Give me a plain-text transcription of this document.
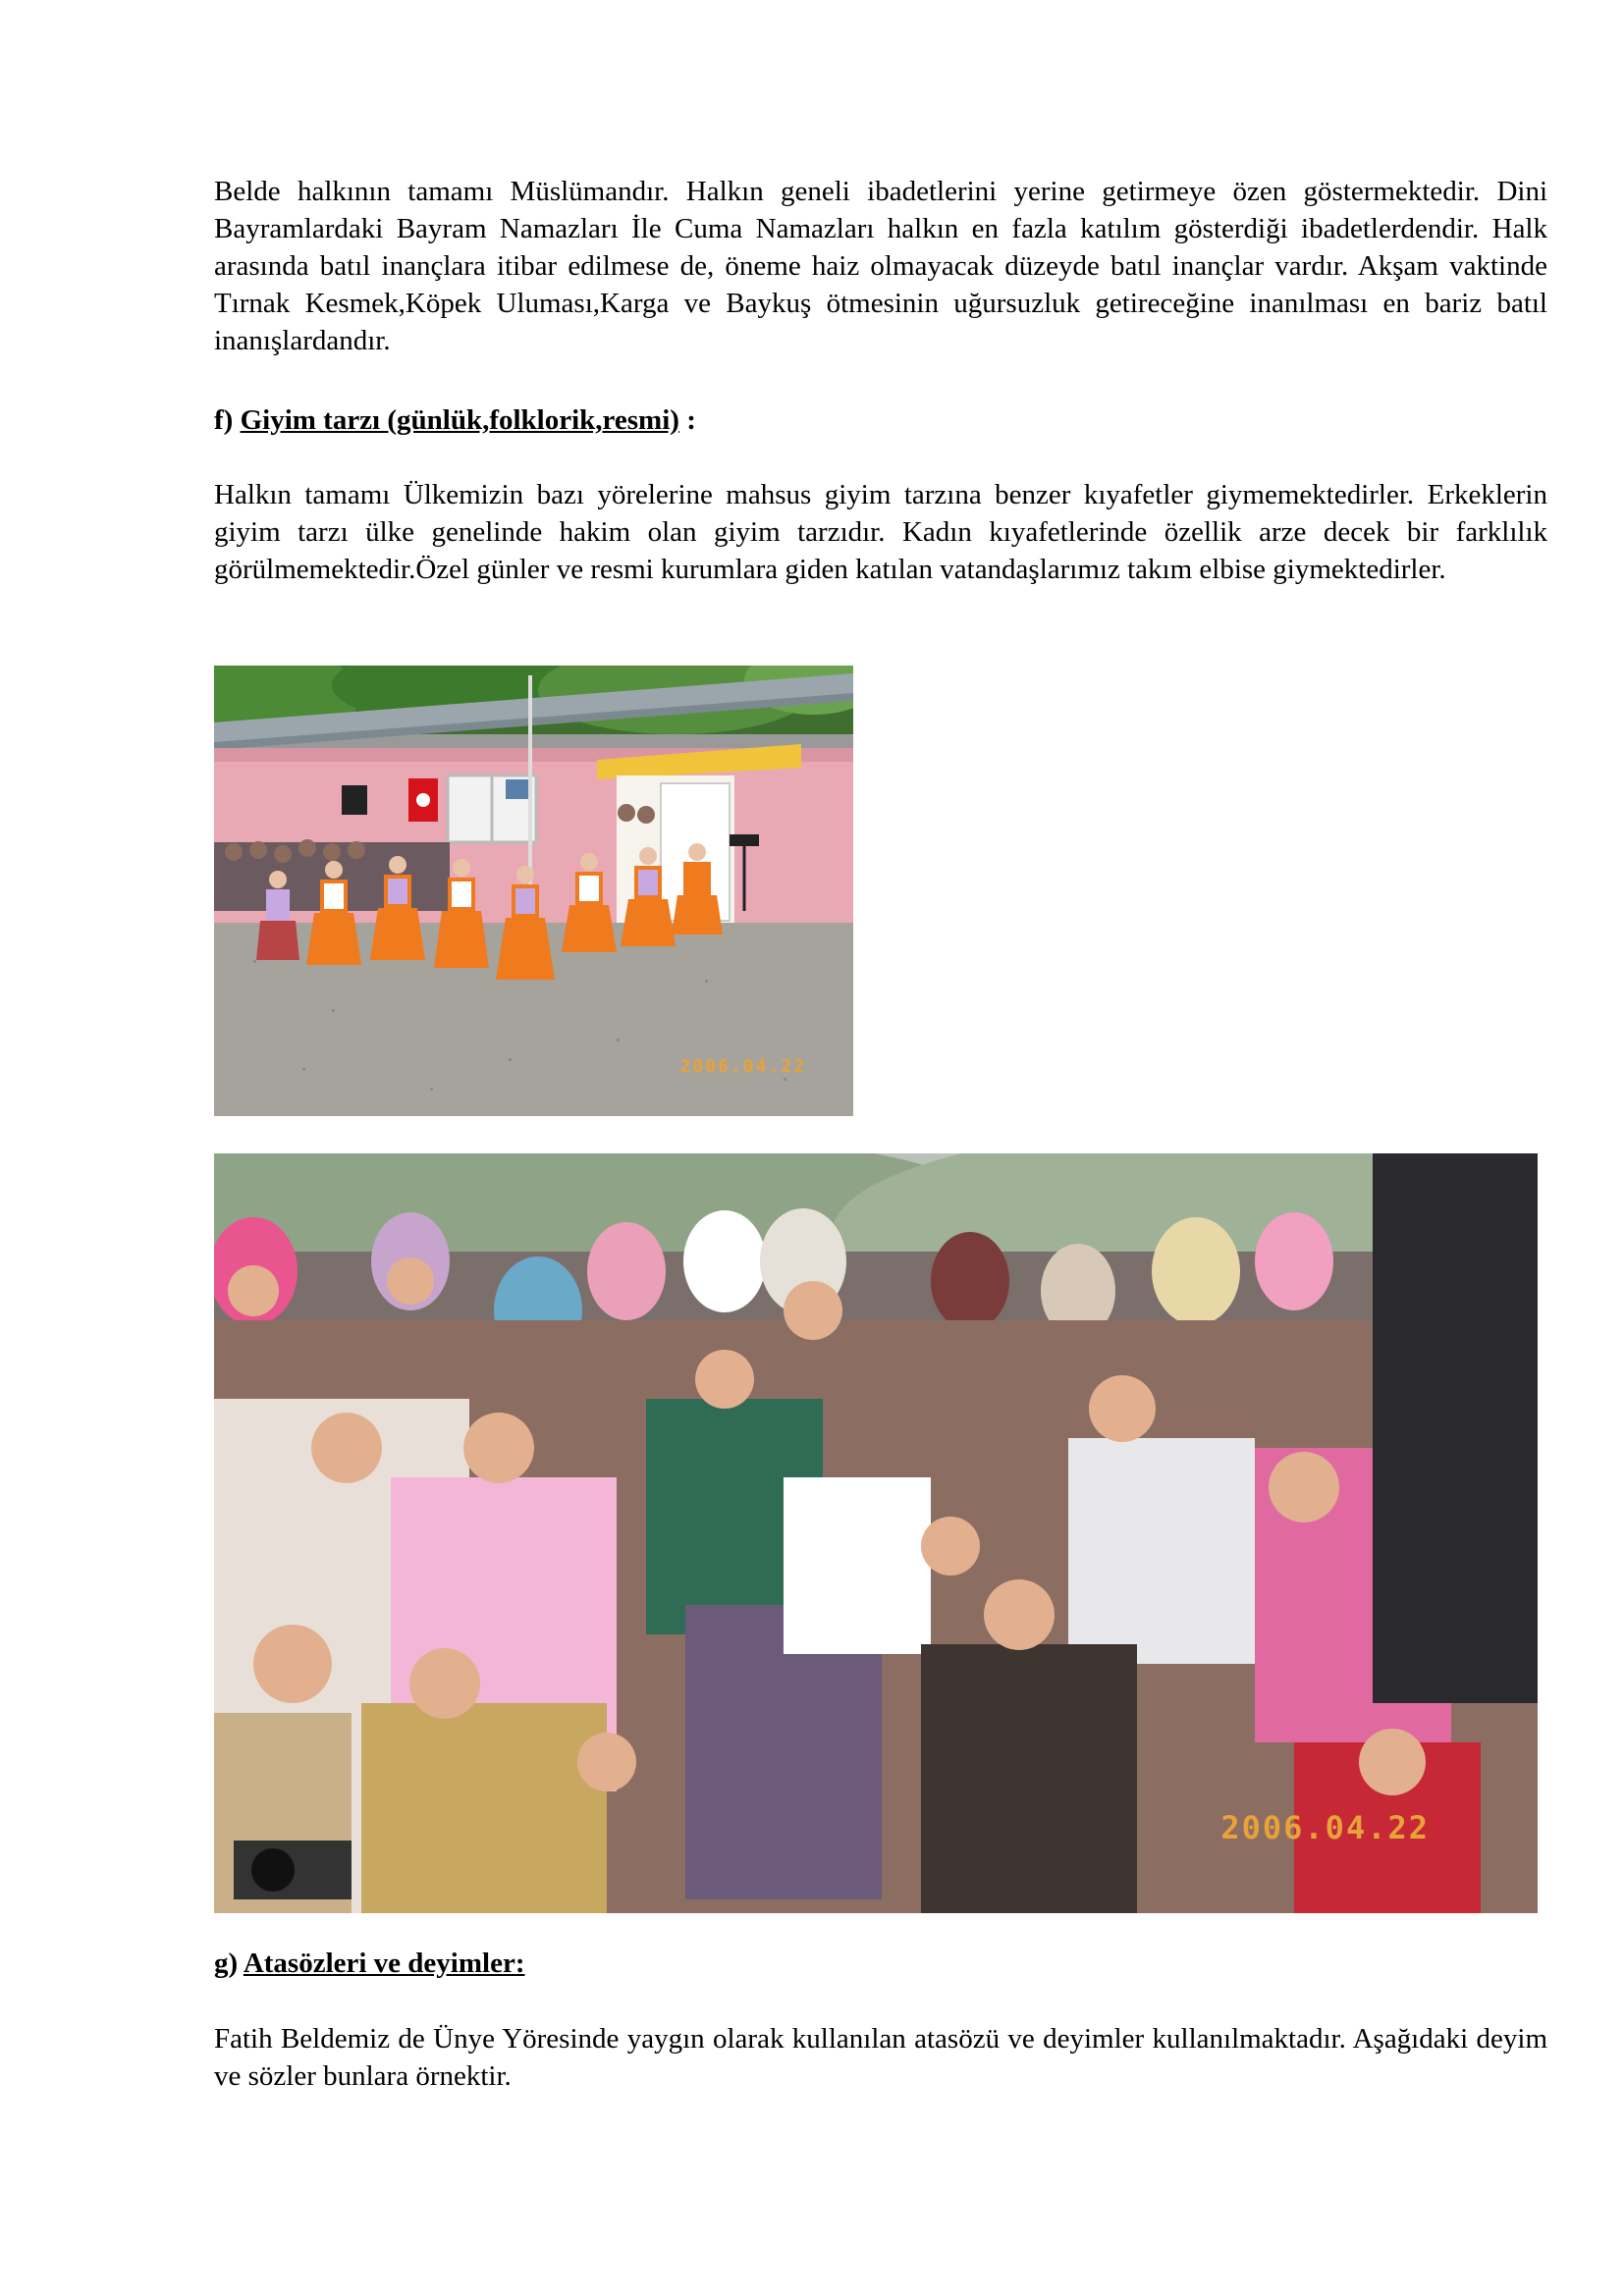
Belde halkının tamamı Müslümandır. Halkın geneli ibadetlerini yerine getirmeye özen göstermektedir. Dini Bayramlardaki Bayram Namazları İle Cuma Namazları halkın en fazla katılım gösterdiği ibadetlerdendir. Halk arasında batıl inançlara itibar edilmese de, öneme haiz olmayacak düzeyde batıl inançlar vardır. Akşam vaktinde Tırnak Kesmek,Köpek Uluması,Karga ve Baykuş ötmesinin uğursuzluk getireceğine inanılması en bariz batıl inanışlardandır.

f) Giyim tarzı (günlük,folklorik,resmi) :

Halkın tamamı Ülkemizin bazı yörelerine mahsus giyim tarzına benzer kıyafetler giymemektedirler. Erkeklerin giyim tarzı ülke genelinde hakim olan giyim tarzıdır. Kadın kıyafetlerinde özellik arze decek bir farklılık görülmemektedir.Özel günler ve resmi kurumlara giden katılan vatandaşlarımız takım elbise giymektedirler.

2006.04.22
2006.04.22

g) Atasözleri ve deyimler:

Fatih Beldemiz de Ünye Yöresinde yaygın olarak kullanılan atasözü ve deyimler kullanılmaktadır. Aşağıdaki deyim ve sözler bunlara örnektir.
